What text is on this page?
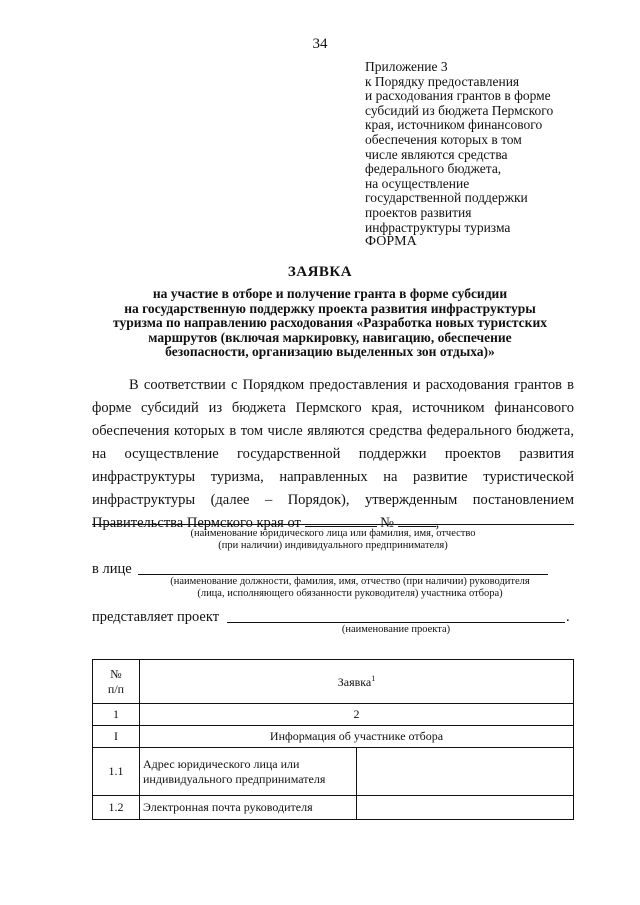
34
Приложение 3
к Порядку предоставления
и расходования грантов в форме
субсидий из бюджета Пермского
края, источником финансового
обеспечения которых в том
числе являются средства
федерального бюджета,
на осуществление
государственной поддержки
проектов развития
инфраструктуры туризма
ФОРМА
ЗАЯВКА
на участие в отборе и получение гранта в форме субсидии
на государственную поддержку проекта развития инфраструктуры
туризма по направлению расходования «Разработка новых туристских
маршрутов (включая маркировку, навигацию, обеспечение
безопасности, организацию выделенных зон отдыха)»

В соответствии с Порядком предоставления и расходования грантов в форме субсидий из бюджета Пермского края, источником финансового обеспечения которых в том числе являются средства федерального бюджета, на осуществление государственной поддержки проектов развития инфраструктуры туризма, направленных на развитие туристической инфраструктуры (далее – Порядок), утвержденным постановлением Правительства Пермского края от	№	,

(наименование юридического лица или фамилия, имя, отчество
(при наличии) индивидуального предпринимателя)
в лице
(наименование должности, фамилия, имя, отчество (при наличии) руководителя
(лица, исполняющего обязанности руководителя) участника отбора)
представляет проект	.
(наименование проекта)
№
п/п	Заявка$^1$
1	2	
I	Информация об участнике отбора	
1.1	Адрес юридического лица или индивидуального предпринимателя	
1.2	Электронная почта руководителя	
